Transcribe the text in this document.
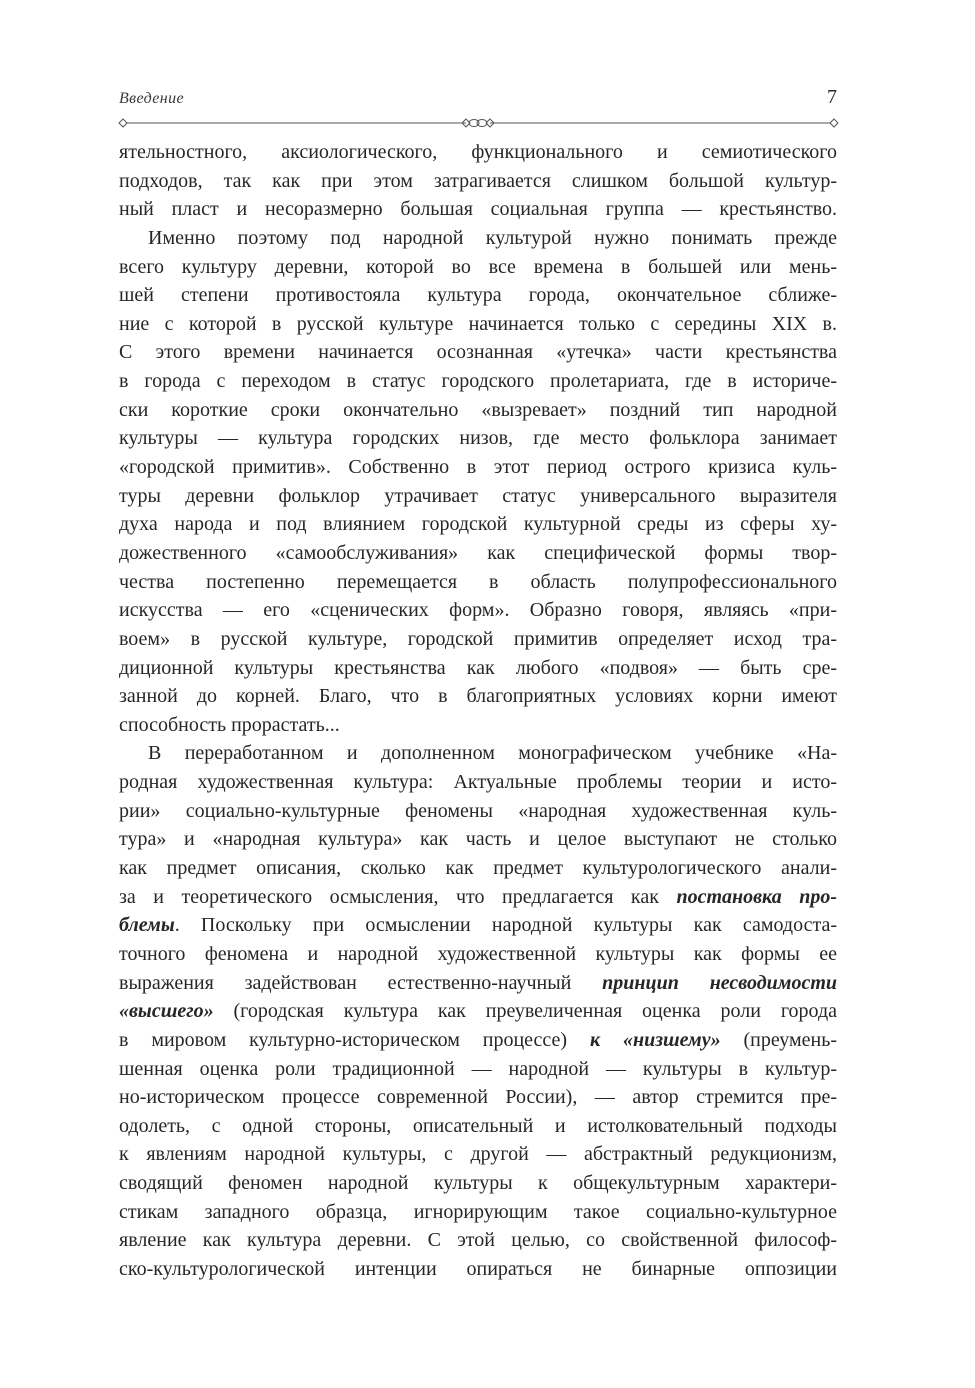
Введение	7
ятельностного, аксиологического, функционального и семиотического
подходов, так как при этом затрагивается слишком большой культур-
ный пласт и несоразмерно большая социальная группа — крестьянство.
Именно поэтому под народной культурой нужно понимать прежде
всего культуру деревни, которой во все времена в большей или мень-
шей степени противостояла культура города, окончательное сближе-
ние с которой в русской культуре начинается только с середины XIX в.
С этого времени начинается осознанная «утечка» части крестьянства
в города с переходом в статус городского пролетариата, где в историче-
ски короткие сроки окончательно «вызревает» поздний тип народной
культуры — культура городских низов, где место фольклора занимает
«городской примитив». Собственно в этот период острого кризиса куль-
туры деревни фольклор утрачивает статус универсального выразителя
духа народа и под влиянием городской культурной среды из сферы ху-
дожественного «самообслуживания» как специфической формы твор-
чества постепенно перемещается в область полупрофессионального
искусства — его «сценических форм». Образно говоря, являясь «при-
воем» в русской культуре, городской примитив определяет исход тра-
диционной культуры крестьянства как любого «подвоя» — быть сре-
занной до корней. Благо, что в благоприятных условиях корни имеют
способность прорастать...
В переработанном и дополненном монографическом учебнике «На-
родная художественная культура: Актуальные проблемы теории и исто-
рии» социально-культурные феномены «народная художественная куль-
тура» и «народная культура» как часть и целое выступают не столько
как предмет описания, сколько как предмет культурологического анали-
за и теоретического осмысления, что предлагается как постановка про-
блемы. Поскольку при осмыслении народной культуры как самодоста-
точного феномена и народной художественной культуры как формы ее
выражения задействован естественно-научный принцип несводимости
«высшего» (городская культура как преувеличенная оценка роли города
в мировом культурно-историческом процессе) к «низшему» (преумень-
шенная оценка роли традиционной — народной — культуры в культур-
но-историческом процессе современной России), — автор стремится пре-
одолеть, с одной стороны, описательный и истолковательный подходы
к явлениям народной культуры, с другой — абстрактный редукционизм,
сводящий феномен народной культуры к общекультурным характери-
стикам западного образца, игнорирующим такое социально-культурное
явление как культура деревни. С этой целью, со свойственной философ-
ско-культурологической интенции опираться не бинарные оппозиции
